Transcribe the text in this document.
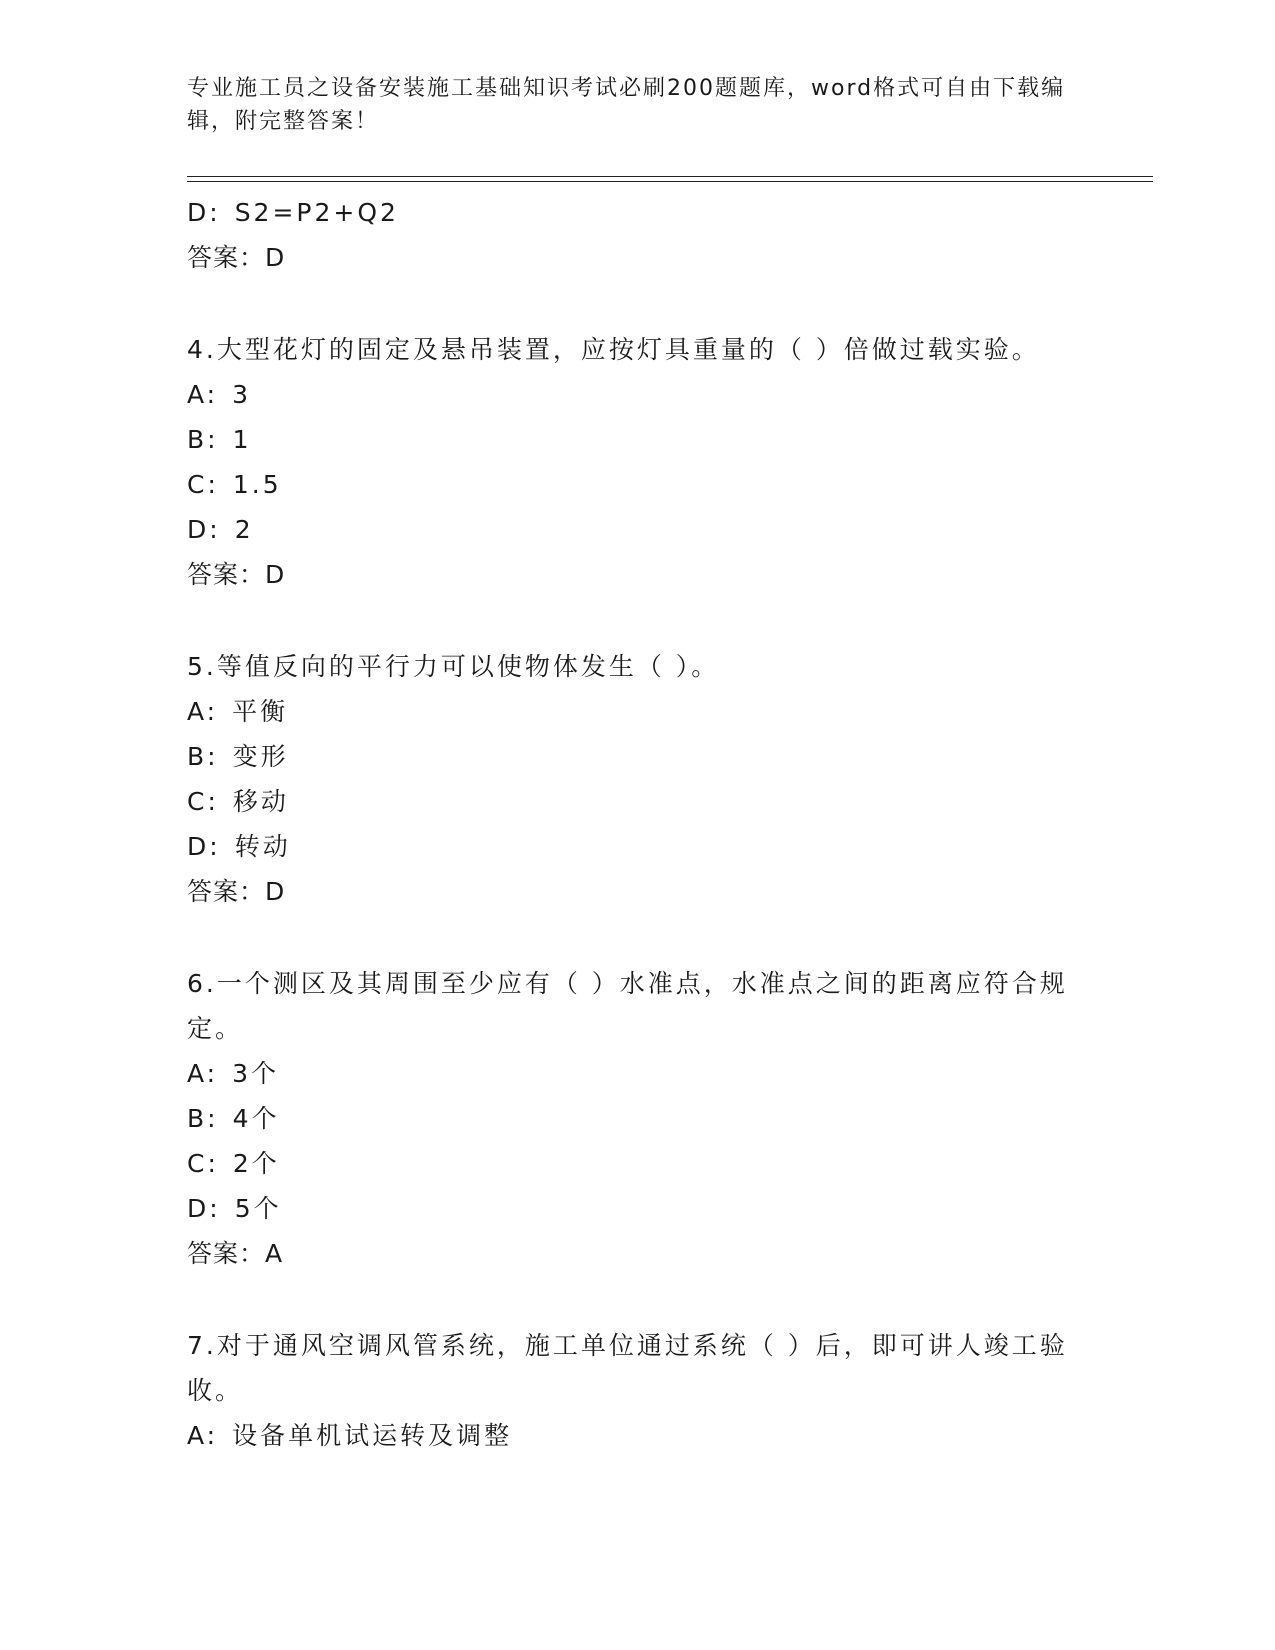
专业施工员之设备安装施工基础知识考试必刷200题题库，word格式可自由下载编辑，附完整答案！
D: S2=P2+Q2
答案：D
4.大型花灯的固定及悬吊装置，应按灯具重量的（ ）倍做过载实验。
A: 3
B: 1
C: 1.5
D: 2
答案：D
5.等值反向的平行力可以使物体发生（ ）。
A: 平衡
B: 变形
C: 移动
D: 转动
答案：D
6.一个测区及其周围至少应有（ ）水准点，水准点之间的距离应符合规定。
A: 3个
B: 4个
C: 2个
D: 5个
答案：A
7.对于通风空调风管系统，施工单位通过系统（ ）后，即可讲人竣工验收。
A: 设备单机试运转及调整
